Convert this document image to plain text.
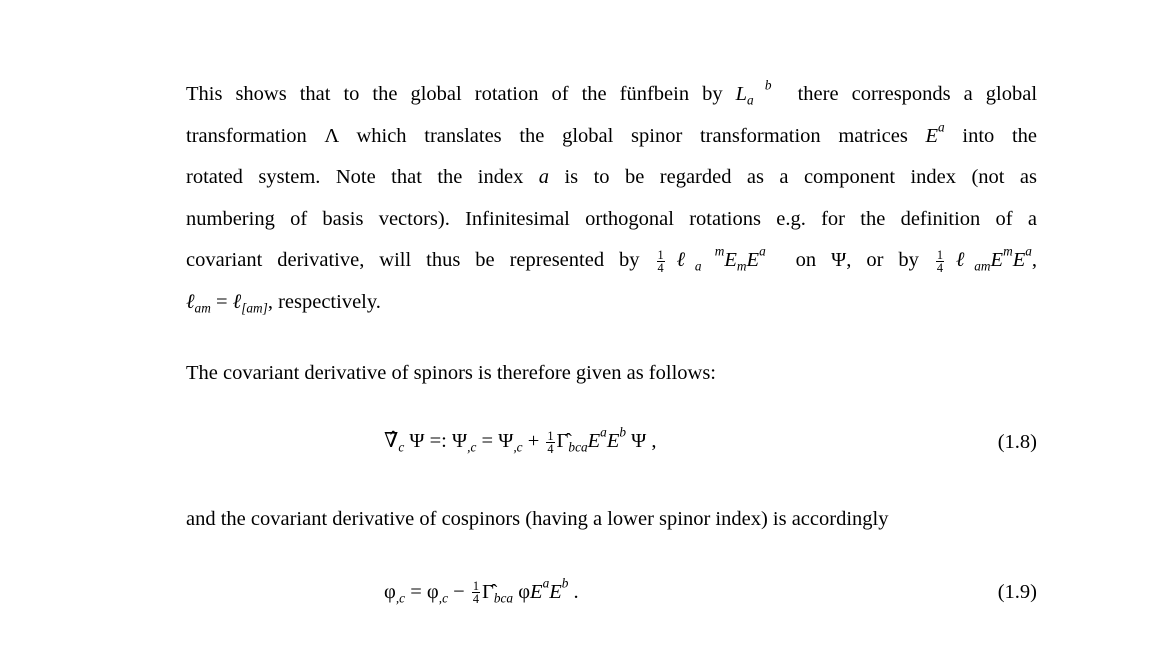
This shows that to the global rotation of the fünfbein by $L_a$ $^b$ there corresponds a global
transformation Λ which translates the global spinor transformation matrices $E^a$ into the
rotated system. Note that the index a is to be regarded as a component index (not as
numbering of basis vectors). Infinitesimal orthogonal rotations e.g. for the definition of a
covariant derivative, will thus be represented by $\frac{1}{4}$ ℓ$_a$ $^mE_mE^a$ on Ψ, or by $\frac{1}{4}$ $\ell_{am}E^mE^a$,
ℓ$_{am}$ = ℓ$_{[am]}$, respectively.
The covariant derivative of spinors is therefore given as follows:
$\nablâ_c$ Ψ =: $\Psi_{,c} = \Psi_{,c} + \frac{1}{4}$ $\Gammâ_{bca}E^aE^b$ Ψ ,	(1.8)
and the covariant derivative of cospinors (having a lower spinor index) is accordingly
$\varphi_{,c} = \varphi_{,c} - \frac{1}{4}$ $\Gammâ_{bca}$ $\varphi E^aE^b$ .	(1.9)
